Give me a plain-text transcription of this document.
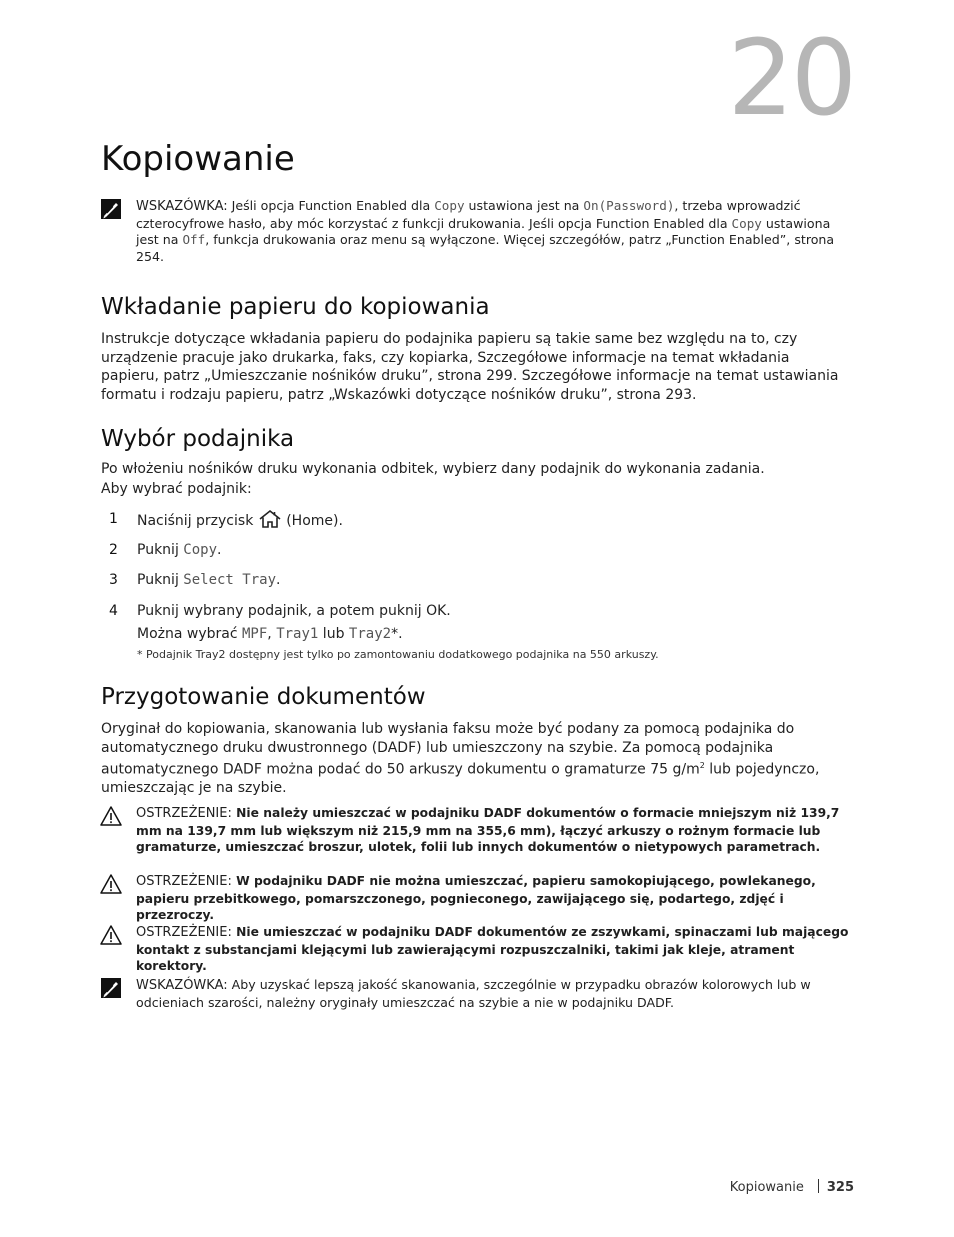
20
Kopiowanie
WSKAZÓWKA: Jeśli opcja Function Enabled dla Copy ustawiona jest na On(Password), trzeba wprowadzić czterocyfrowe hasło, aby móc korzystać z funkcji drukowania. Jeśli opcja Function Enabled dla Copy ustawiona jest na Off, funkcja drukowania oraz menu są wyłączone. Więcej szczegółów, patrz „Function Enabled”, strona 254.
Wkładanie papieru do kopiowania

Instrukcje dotyczące wkładania papieru do podajnika papieru są takie same bez względu na to, czy urządzenie pracuje jako drukarka, faks, czy kopiarka, Szczegółowe informacje na temat wkładania papieru, patrz „Umieszczanie nośników druku”, strona 299. Szczegółowe informacje na temat ustawiania formatu i rodzaju papieru, patrz „Wskazówki dotyczące nośników druku”, strona 293.

Wybór podajnika

Po włożeniu nośników druku wykonania odbitek, wybierz dany podajnik do wykonania zadania.

Aby wybrać podajnik:

1 Naciśnij przycisk  (Home).
2 Puknij Copy.
3 Puknij Select Tray.
4 Puknij wybrany podajnik, a potem puknij OK.
Można wybrać MPF, Tray1 lub Tray2*.
* Podajnik Tray2 dostępny jest tylko po zamontowaniu dodatkowego podajnika na 550 arkuszy.
Przygotowanie dokumentów

Oryginał do kopiowania, skanowania lub wysłania faksu może być podany za pomocą podajnika do automatycznego druku dwustronnego (DADF) lub umieszczony na szybie. Za pomocą podajnika automatycznego DADF można podać do 50 arkuszy dokumentu o gramaturze 75 $g/m^2$ lub pojedynczo, umieszczając je na szybie.

OSTRZEŻENIE: Nie należy umieszczać w podajniku DADF dokumentów o formacie mniejszym niż 139,7 mm na 139,7 mm lub większym niż 215,9 mm na 355,6 mm), łączyć arkuszy o rożnym formacie lub gramaturze, umieszczać broszur, ulotek, folii lub innych dokumentów o nietypowych parametrach.
OSTRZEŻENIE: W podajniku DADF nie można umieszczać, papieru samokopiującego, powlekanego, papieru przebitkowego, pomarszczonego, pognieconego, zawijającego się, podartego, zdjęć i przezroczy.
OSTRZEŻENIE: Nie umieszczać w podajniku DADF dokumentów ze zszywkami, spinaczami lub mającego kontakt z substancjami klejącymi lub zawierającymi rozpuszczalniki, takimi jak kleje, atrament korektory.
WSKAZÓWKA: Aby uzyskać lepszą jakość skanowania, szczególnie w przypadku obrazów kolorowych lub w odcieniach szarości, należny oryginały umieszczać na szybie a nie w podajniku DADF.
Kopiowanie 325
